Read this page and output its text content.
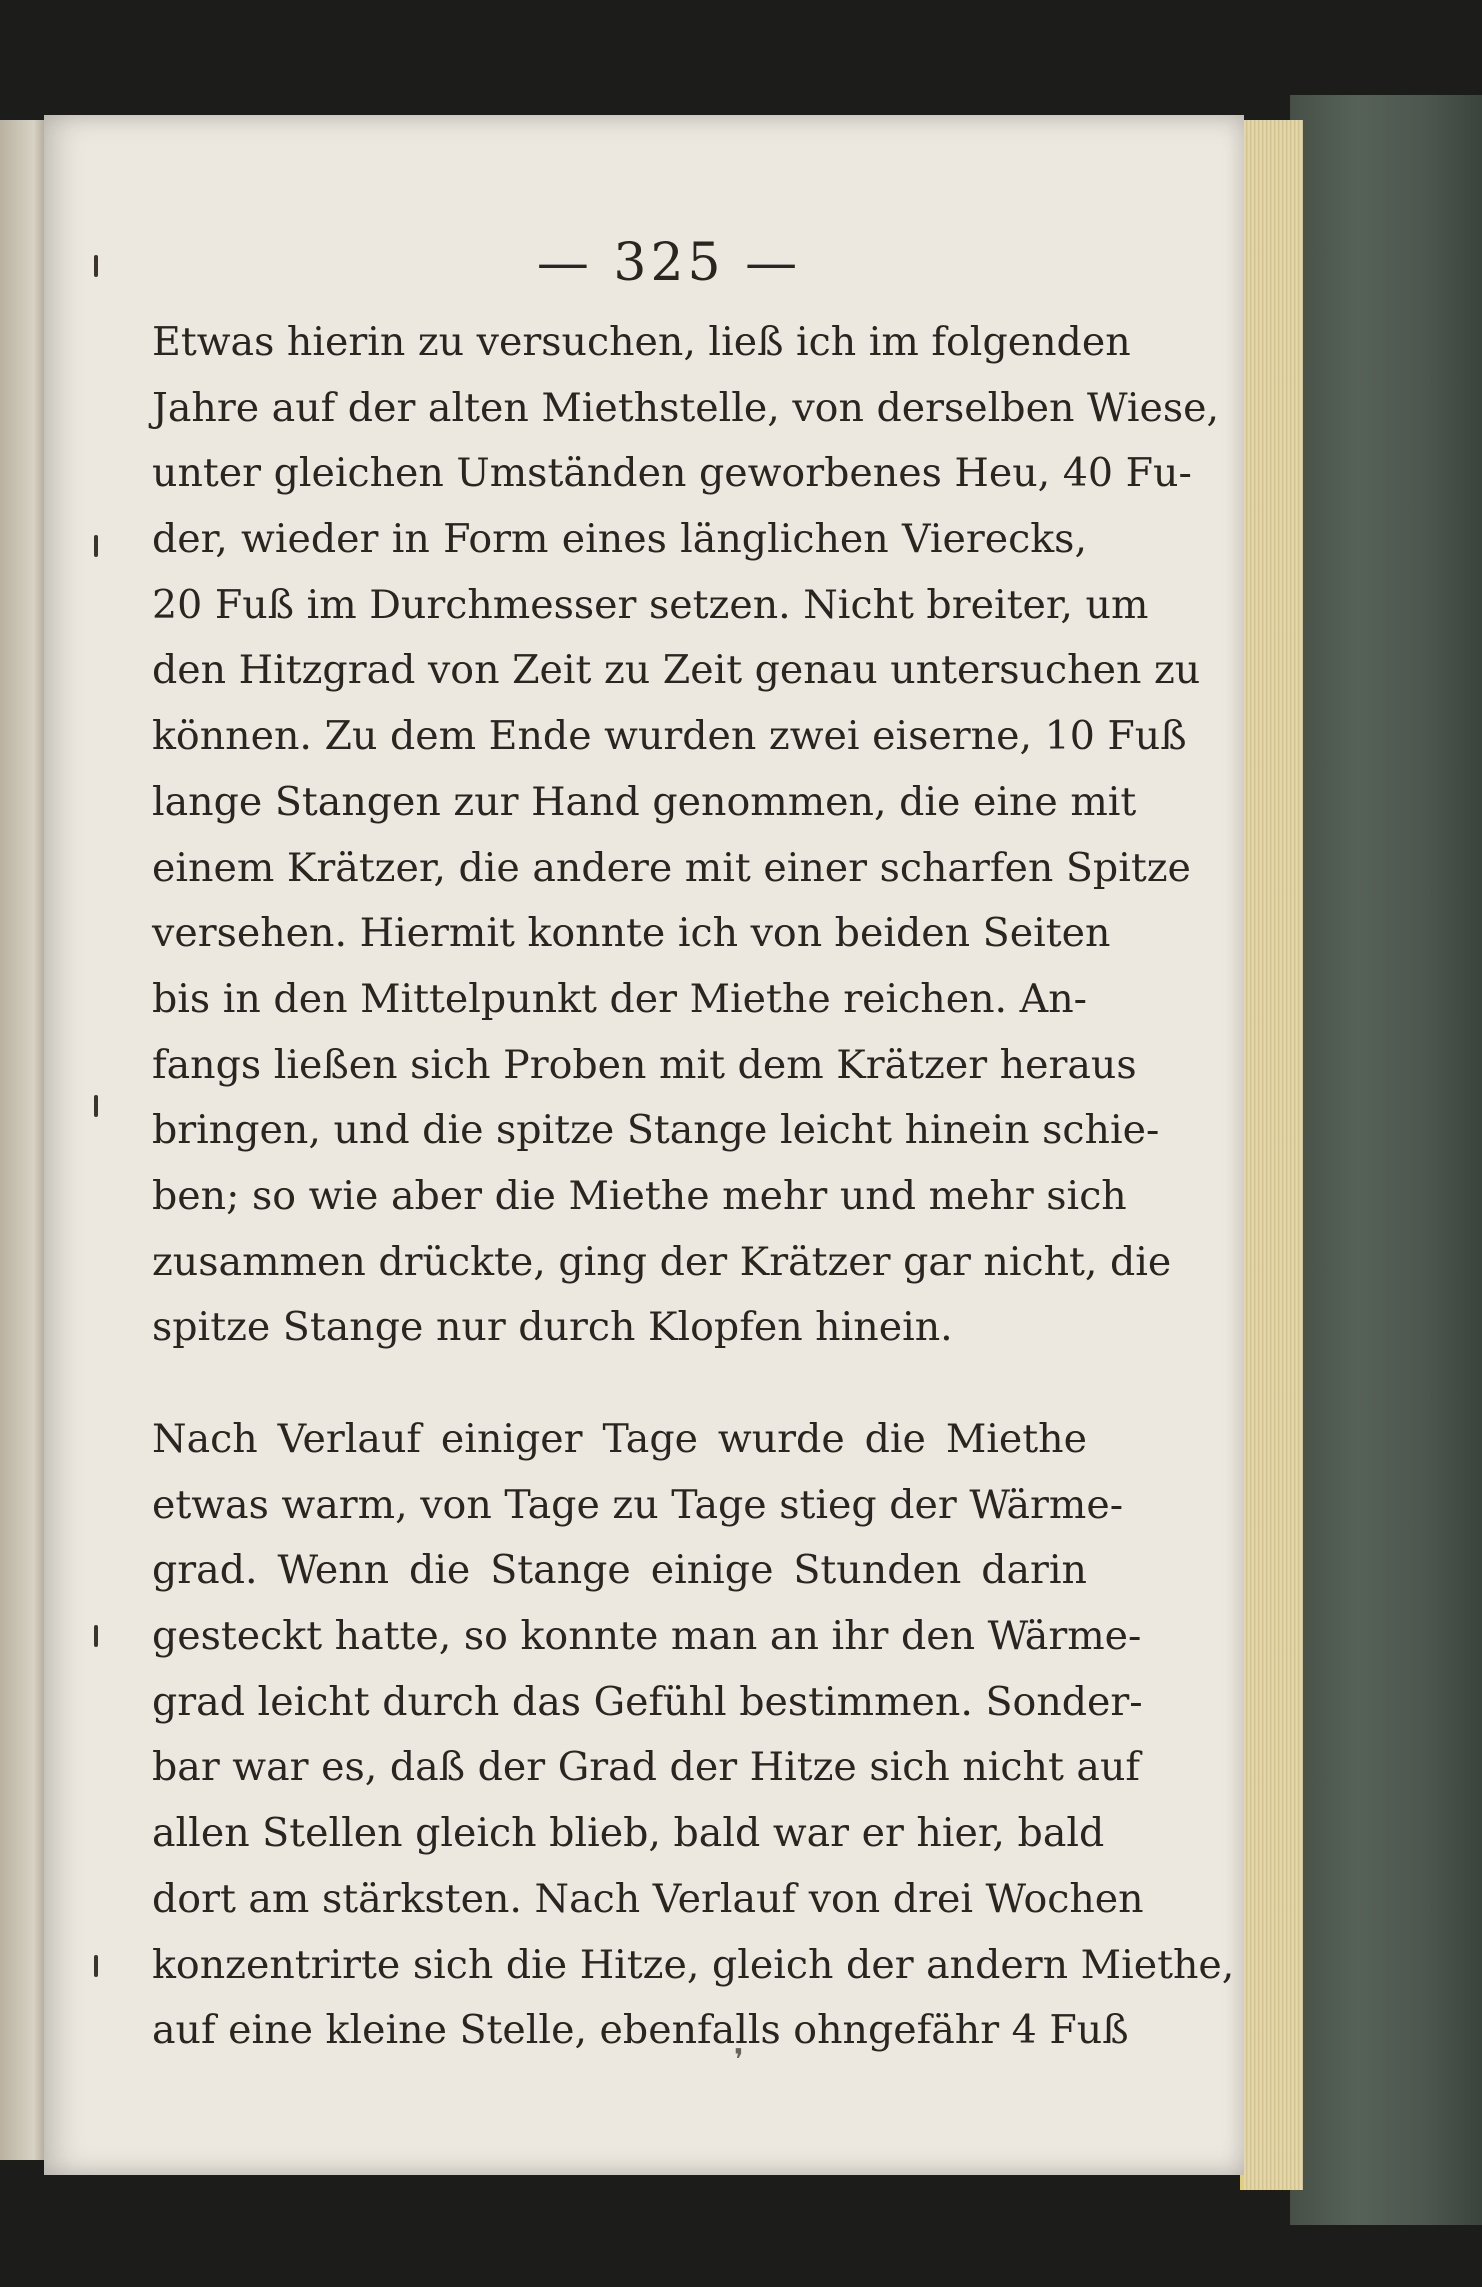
— 325 —
Etwas hierin zu versuchen, ließ ich im folgenden
Jahre auf der alten Miethstelle, von derselben Wiese,
unter gleichen Umständen geworbenes Heu, 40 Fu-
der, wieder in Form eines länglichen Vierecks,
20 Fuß im Durchmesser setzen. Nicht breiter, um
den Hitzgrad von Zeit zu Zeit genau untersuchen zu
können. Zu dem Ende wurden zwei eiserne, 10 Fuß
lange Stangen zur Hand genommen, die eine mit
einem Krätzer, die andere mit einer scharfen Spitze
versehen. Hiermit konnte ich von beiden Seiten
bis in den Mittelpunkt der Miethe reichen. An-
fangs ließen sich Proben mit dem Krätzer heraus
bringen, und die spitze Stange leicht hinein schie-
ben; so wie aber die Miethe mehr und mehr sich
zusammen drückte, ging der Krätzer gar nicht, die
spitze Stange nur durch Klopfen hinein.
Nach Verlauf einiger Tage wurde die Miethe
etwas warm, von Tage zu Tage stieg der Wärme-
grad. Wenn die Stange einige Stunden darin
gesteckt hatte, so konnte man an ihr den Wärme-
grad leicht durch das Gefühl bestimmen. Sonder-
bar war es, daß der Grad der Hitze sich nicht auf
allen Stellen gleich blieb, bald war er hier, bald
dort am stärksten. Nach Verlauf von drei Wochen
konzentrirte sich die Hitze, gleich der andern Miethe,
auf eine kleine Stelle, ebenfalls ohngefähr 4 Fuß
❜
